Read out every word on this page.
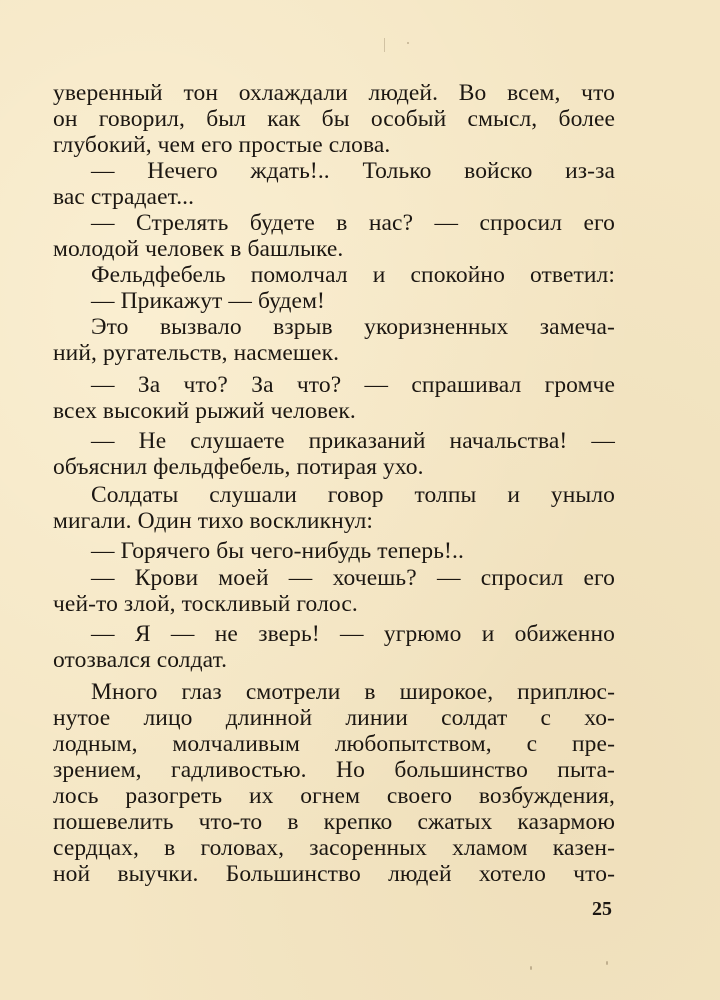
уверенный тон охлаждали людей. Во всем, что
он говорил, был как бы особый смысл, более
глубокий, чем его простые слова.
— Нечего ждать!.. Только войско из-за
вас страдает...
— Стрелять будете в нас? — спросил его
молодой человек в башлыке.
Фельдфебель помолчал и спокойно ответил:
— Прикажут — будем!
Это вызвало взрыв укоризненных замеча-
ний, ругательств, насмешек.
— За что? За что? — спрашивал громче
всех высокий рыжий человек.
— Не слушаете приказаний начальства! —
объяснил фельдфебель, потирая ухо.
Солдаты слушали говор толпы и уныло
мигали. Один тихо воскликнул:
— Горячего бы чего-нибудь теперь!..
— Крови моей — хочешь? — спросил его
чей-то злой, тоскливый голос.
— Я — не зверь! — угрюмо и обиженно
отозвался солдат.
Много глаз смотрели в широкое, приплюс-
нутое лицо длинной линии солдат с хо-
лодным, молчаливым любопытством, с пре-
зрением, гадливостью. Но большинство пыта-
лось разогреть их огнем своего возбуждения,
пошевелить что-то в крепко сжатых казармою
сердцах, в головах, засоренных хламом казен-
ной выучки. Большинство людей хотело что-
25
